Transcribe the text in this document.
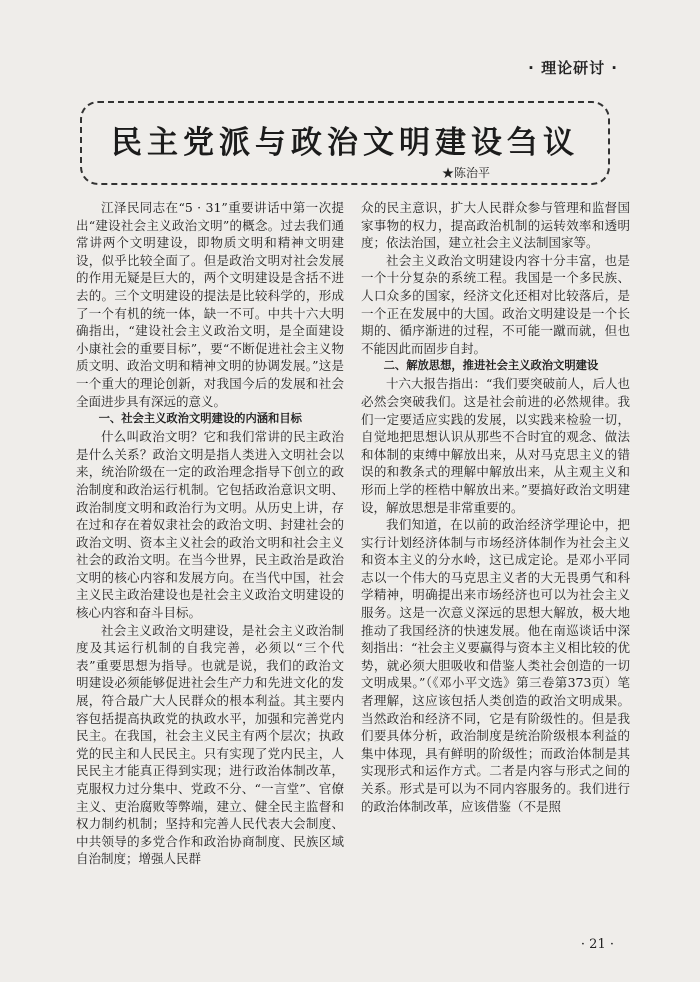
· 理论研讨 ·
民主党派与政治文明建设刍议
★陈治平

江泽民同志在“5 · 31”重要讲话中第一次提出“建设社会主义政治文明”的概念。过去我们通常讲两个文明建设，即物质文明和精神文明建设，似乎比较全面了。但是政治文明对社会发展的作用无疑是巨大的，两个文明建设是含括不进去的。三个文明建设的提法是比较科学的，形成了一个有机的统一体，缺一不可。中共十六大明确指出，“建设社会主义政治文明，是全面建设小康社会的重要目标”，要“不断促进社会主义物质文明、政治文明和精神文明的协调发展。”这是一个重大的理论创新，对我国今后的发展和社会全面进步具有深远的意义。

一、社会主义政治文明建设的内涵和目标

什么叫政治文明？它和我们常讲的民主政治是什么关系？政治文明是指人类进入文明社会以来，统治阶级在一定的政治理念指导下创立的政治制度和政治运行机制。它包括政治意识文明、政治制度文明和政治行为文明。从历史上讲，存在过和存在着奴隶社会的政治文明、封建社会的政治文明、资本主义社会的政治文明和社会主义社会的政治文明。在当今世界，民主政治是政治文明的核心内容和发展方向。在当代中国，社会主义民主政治建设也是社会主义政治文明建设的核心内容和奋斗目标。

社会主义政治文明建设，是社会主义政治制度及其运行机制的自我完善，必须以“三个代表”重要思想为指导。也就是说，我们的政治文明建设必须能够促进社会生产力和先进文化的发展，符合最广大人民群众的根本利益。其主要内容包括提高执政党的执政水平，加强和完善党内民主。在我国，社会主义民主有两个层次；执政党的民主和人民民主。只有实现了党内民主，人民民主才能真正得到实现；进行政治体制改革，克服权力过分集中、党政不分、“一言堂”、官僚主义、吏治腐败等弊端，建立、健全民主监督和权力制约机制；坚持和完善人民代表大会制度、中共领导的多党合作和政治协商制度、民族区域自治制度；增强人民群

众的民主意识，扩大人民群众参与管理和监督国家事物的权力，提高政治机制的运转效率和透明度；依法治国，建立社会主义法制国家等。

社会主义政治文明建设内容十分丰富，也是一个十分复杂的系统工程。我国是一个多民族、人口众多的国家，经济文化还相对比较落后，是一个正在发展中的大国。政治文明建设是一个长期的、循序渐进的过程，不可能一蹴而就，但也不能因此而固步自封。

二、解放思想，推进社会主义政治文明建设

十六大报告指出：“我们要突破前人，后人也必然会突破我们。这是社会前进的必然规律。我们一定要适应实践的发展，以实践来检验一切，自觉地把思想认识从那些不合时宜的观念、做法和体制的束缚中解放出来，从对马克思主义的错误的和教条式的理解中解放出来，从主观主义和形而上学的桎梏中解放出来。”要搞好政治文明建设，解放思想是非常重要的。

我们知道，在以前的政治经济学理论中，把实行计划经济体制与市场经济体制作为社会主义和资本主义的分水岭，这已成定论。是邓小平同志以一个伟大的马克思主义者的大无畏勇气和科学精神，明确提出来市场经济也可以为社会主义服务。这是一次意义深远的思想大解放，极大地推动了我国经济的快速发展。他在南巡谈话中深刻指出：“社会主义要赢得与资本主义相比较的优势，就必须大胆吸收和借鉴人类社会创造的一切文明成果。”（《邓小平文选》第三卷第373页）笔者理解，这应该包括人类创造的政治文明成果。当然政治和经济不同，它是有阶级性的。但是我们要具体分析，政治制度是统治阶级根本利益的集中体现，具有鲜明的阶级性；而政治体制是其实现形式和运作方式。二者是内容与形式之间的关系。形式是可以为不同内容服务的。我们进行的政治体制改革，应该借鉴（不是照

· 21 ·
